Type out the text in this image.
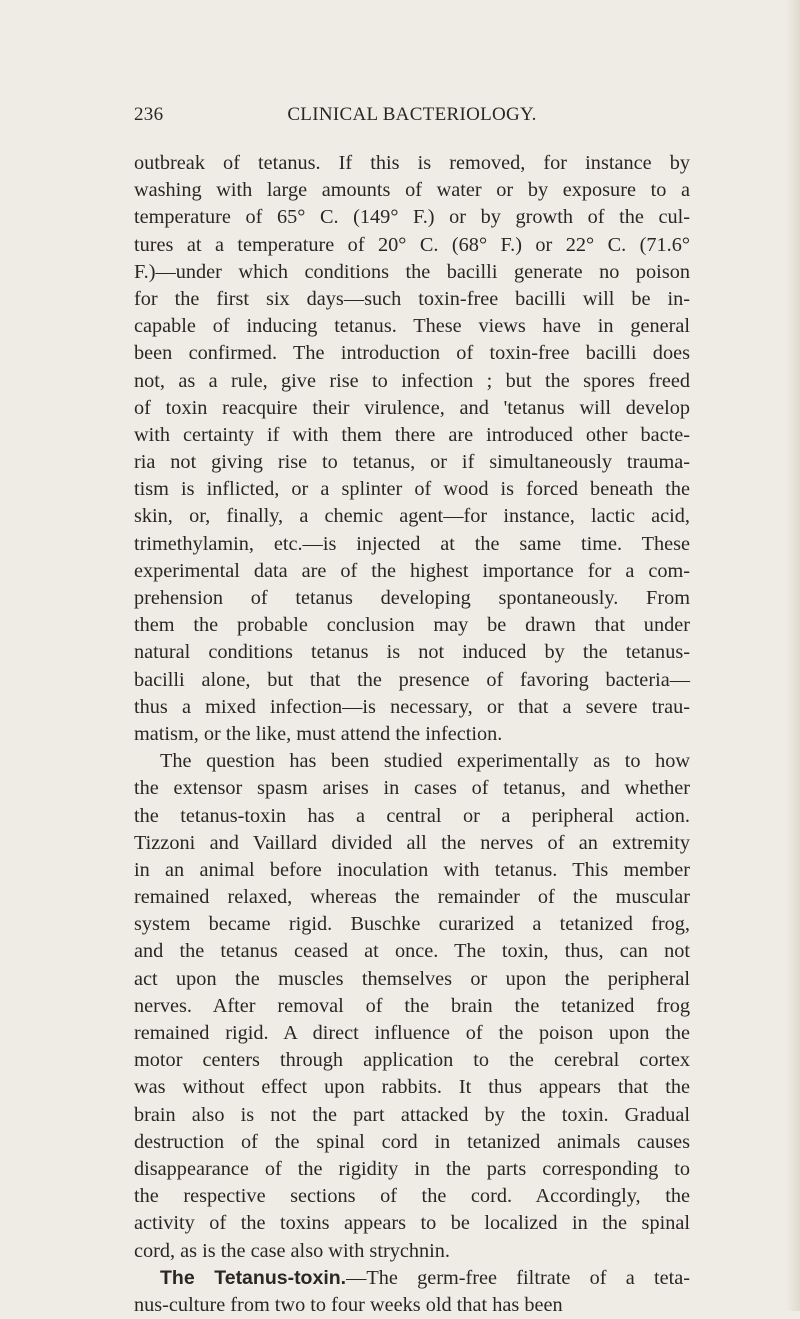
236	CLINICAL BACTERIOLOGY.
outbreak of tetanus. If this is removed, for instance by
washing with large amounts of water or by exposure to a
temperature of 65° C. (149° F.) or by growth of the cul-
tures at a temperature of 20° C. (68° F.) or 22° C. (71.6°
F.)—under which conditions the bacilli generate no poison
for the first six days—such toxin-free bacilli will be in-
capable of inducing tetanus. These views have in general
been confirmed. The introduction of toxin-free bacilli does
not, as a rule, give rise to infection ; but the spores freed
of toxin reacquire their virulence, and 'tetanus will develop
with certainty if with them there are introduced other bacte-
ria not giving rise to tetanus, or if simultaneously trauma-
tism is inflicted, or a splinter of wood is forced beneath the
skin, or, finally, a chemic agent—for instance, lactic acid,
trimethylamin, etc.—is injected at the same time. These
experimental data are of the highest importance for a com-
prehension of tetanus developing spontaneously. From
them the probable conclusion may be drawn that under
natural conditions tetanus is not induced by the tetanus-
bacilli alone, but that the presence of favoring bacteria—
thus a mixed infection—is necessary, or that a severe trau-
matism, or the like, must attend the infection.
The question has been studied experimentally as to how
the extensor spasm arises in cases of tetanus, and whether
the tetanus-toxin has a central or a peripheral action.
Tizzoni and Vaillard divided all the nerves of an extremity
in an animal before inoculation with tetanus. This member
remained relaxed, whereas the remainder of the muscular
system became rigid. Buschke curarized a tetanized frog,
and the tetanus ceased at once. The toxin, thus, can not
act upon the muscles themselves or upon the peripheral
nerves. After removal of the brain the tetanized frog
remained rigid. A direct influence of the poison upon the
motor centers through application to the cerebral cortex
was without effect upon rabbits. It thus appears that the
brain also is not the part attacked by the toxin. Gradual
destruction of the spinal cord in tetanized animals causes
disappearance of the rigidity in the parts corresponding to
the respective sections of the cord. Accordingly, the
activity of the toxins appears to be localized in the spinal
cord, as is the case also with strychnin.
The Tetanus-toxin.—The germ-free filtrate of a teta-
nus-culture from two to four weeks old that has been
